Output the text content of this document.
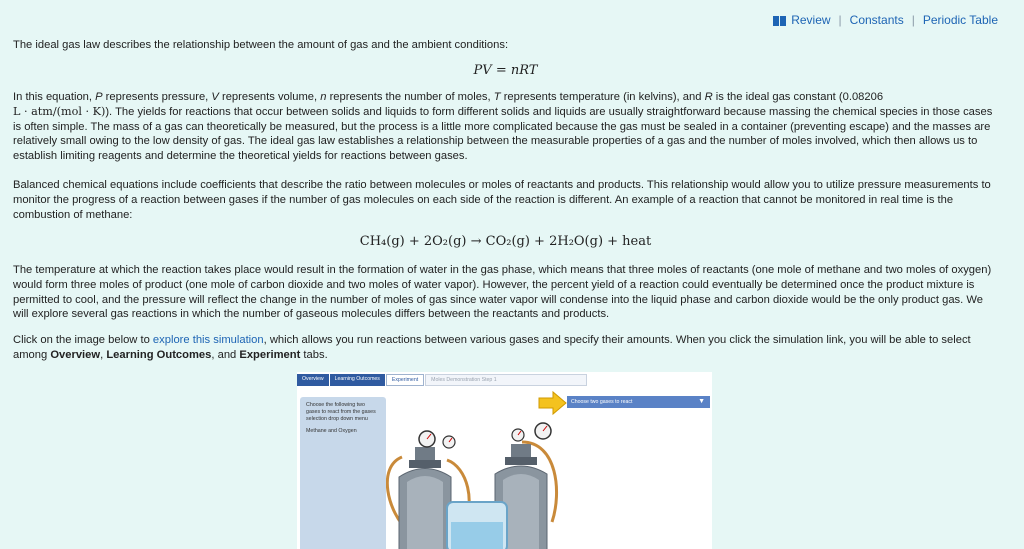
Review | Constants | Periodic Table

The ideal gas law describes the relationship between the amount of gas and the ambient conditions:

PV = nRT

In this equation, P represents pressure, V represents volume, n represents the number of moles, T represents temperature (in kelvins), and R is the ideal gas constant (0.08206
L · atm/(mol · K)). The yields for reactions that occur between solids and liquids to form different solids and liquids are usually straightforward because massing the chemical species in those cases is often simple. The mass of a gas can theoretically be measured, but the process is a little more complicated because the gas must be sealed in a container (preventing escape) and the masses are relatively small owing to the low density of gas. The ideal gas law establishes a relationship between the measurable properties of a gas and the number of moles involved, which then allows us to establish limiting reagents and determine the theoretical yields for reactions between gases.

Balanced chemical equations include coefficients that describe the ratio between molecules or moles of reactants and products. This relationship would allow you to utilize pressure measurements to monitor the progress of a reaction between gases if the number of gas molecules on each side of the reaction is different. An example of a reaction that cannot be monitored in real time is the combustion of methane:

CH₄(g) + 2O₂(g) → CO₂(g) + 2H₂O(g) + heat

The temperature at which the reaction takes place would result in the formation of water in the gas phase, which means that three moles of reactants (one mole of methane and two moles of oxygen) would form three moles of product (one mole of carbon dioxide and two moles of water vapor). However, the percent yield of a reaction could eventually be determined once the product mixture is permitted to cool, and the pressure will reflect the change in the number of moles of gas since water vapor will condense into the liquid phase and carbon dioxide would be the only product gas. We will explore several gas reactions in which the number of gaseous molecules differs between the reactants and products.

Click on the image below to explore this simulation, which allows you run reactions between various gases and specify their amounts. When you click the simulation link, you will be able to select among Overview, Learning Outcomes, and Experiment tabs.

Overview	Learning Outcomes	Experiment	Moles Demonstration Step 1
Choose the following two gases to react from the gases selection drop down menu
Methane and Oxygen
Choose two gases to react	▼
